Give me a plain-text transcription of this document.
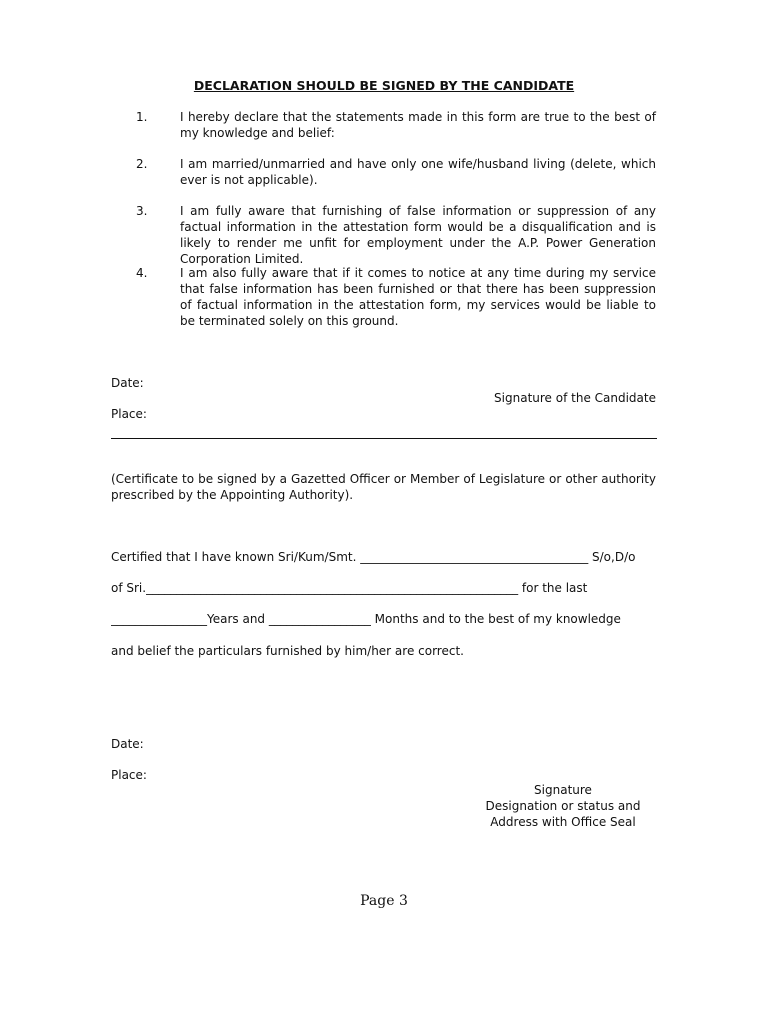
DECLARATION SHOULD BE SIGNED BY THE CANDIDATE
1.	I hereby declare that the statements made in this form are true to the best of my knowledge and belief:
2.	I am married/unmarried and have only one wife/husband living (delete, which ever is not applicable).
3.	I am fully aware that furnishing of false information or suppression of any factual information in the attestation form would be a disqualification and is likely to render me unfit for employment under the A.P. Power Generation Corporation Limited.
4.	I am also fully aware that if it comes to notice at any time during my service that false information has been furnished or that there has been suppression of factual information in the attestation form, my services would be liable to be terminated solely on this ground.
Date:
Signature of the Candidate
Place:
(Certificate to be signed by a Gazetted Officer or Member of Legislature or other authority prescribed by the Appointing Authority).
Certified that I have known Sri/Kum/Smt. ______________________________________ S/o,D/o
of Sri.______________________________________________________________ for the last
________________Years and _________________ Months and to the best of my knowledge
and belief the particulars furnished by him/her are correct.
Date:
Place:
Signature
Designation or status and
Address with Office Seal
Page 3
